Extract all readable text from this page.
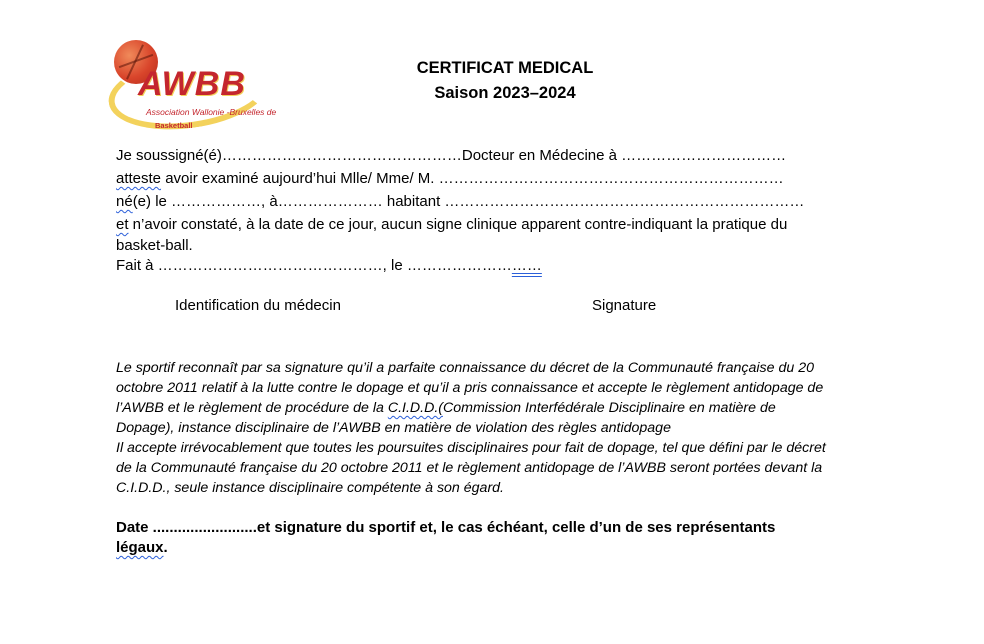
AWBB
Association Wallonie -Bruxelles de
Basketball
CERTIFICAT MEDICAL
Saison 2023–2024
Je soussigné(é)…………………………………………Docteur en Médecine à ……………………………
atteste avoir examiné aujourd’hui Mlle/ Mme/ M. ……………………………………………………………
né(e) le ………………, à………………… habitant ………………………………………………………………
et n’avoir constaté, à la date de ce jour, aucun signe clinique apparent contre-indiquant la pratique du
basket-ball.
Fait à ………………………………………, le ………………………
Identification du médecin	Signature
Le sportif reconnaît par sa signature qu’il a parfaite connaissance du décret de la Communauté française du 20
octobre 2011 relatif à la lutte contre le dopage et qu’il a pris connaissance et accepte le règlement antidopage de
l’AWBB et le règlement de procédure de la C.I.D.D.(Commission Interfédérale Disciplinaire en matière de
Dopage), instance disciplinaire de l’AWBB en matière de violation des règles antidopage
Il accepte irrévocablement que toutes les poursuites disciplinaires pour fait de dopage, tel que défini par le décret
de la Communauté française du 20 octobre 2011 et le règlement antidopage de l’AWBB seront portées devant la
C.I.D.D., seule instance disciplinaire compétente à son égard.
Date .........................et signature du sportif et, le cas échéant, celle d’un de ses représentants
légaux.
